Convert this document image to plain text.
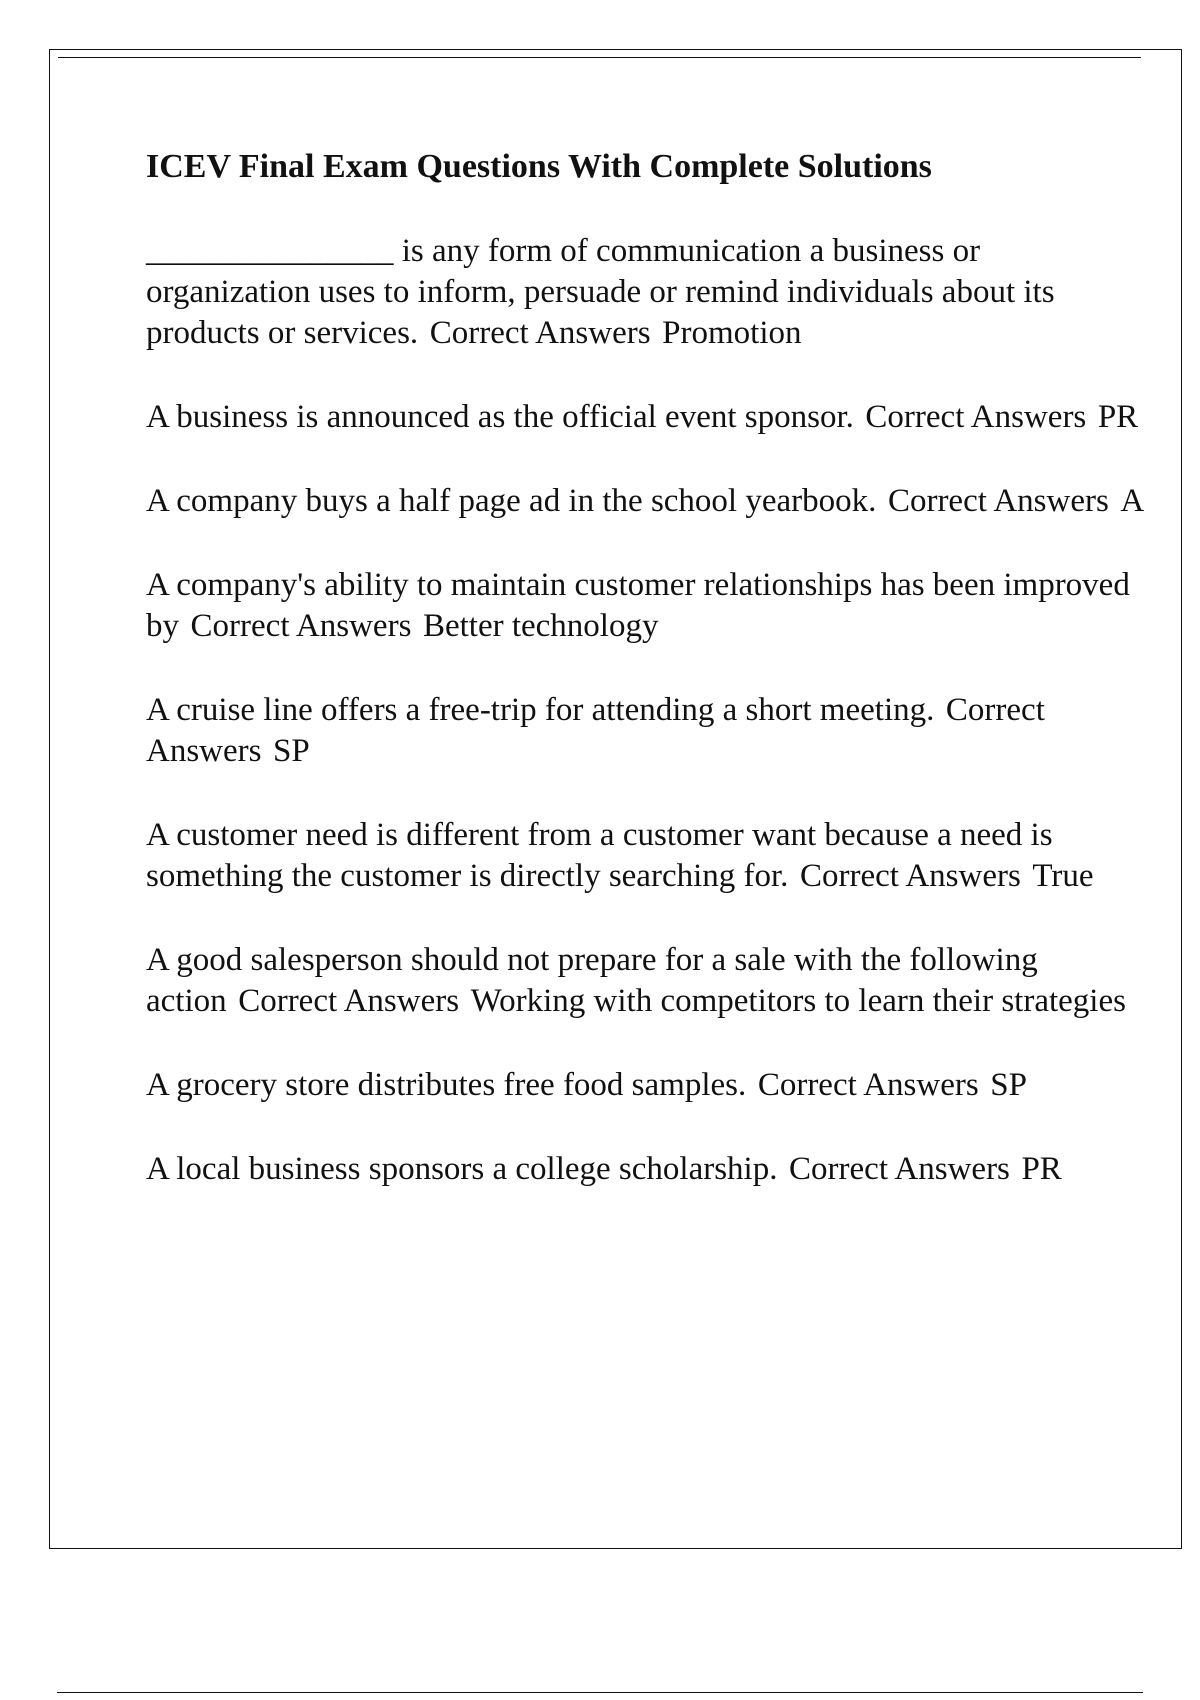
ICEV Final Exam Questions With Complete Solutions
_______________ is any form of communication a business or organization uses to inform, persuade or remind individuals about its products or services. Correct Answers Promotion
A business is announced as the official event sponsor. Correct Answers PR
A company buys a half page ad in the school yearbook. Correct Answers A
A company's ability to maintain customer relationships has been improved by Correct Answers Better technology
A cruise line offers a free-trip for attending a short meeting. Correct Answers SP
A customer need is different from a customer want because a need is something the customer is directly searching for. Correct Answers True
A good salesperson should not prepare for a sale with the following action Correct Answers Working with competitors to learn their strategies
A grocery store distributes free food samples. Correct Answers SP
A local business sponsors a college scholarship. Correct Answers PR
